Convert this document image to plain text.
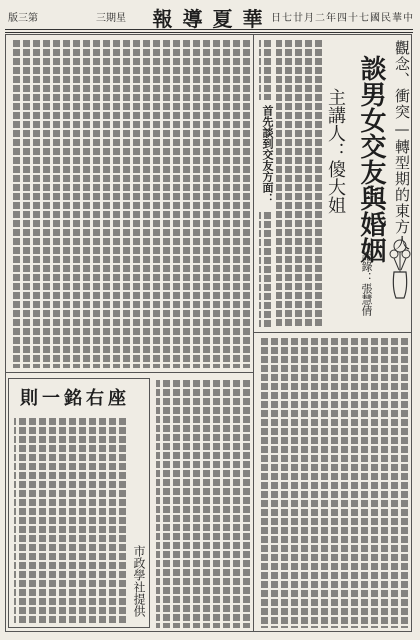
第三版	星期三 華夏導報
中華民國七十四年二月廿七日
觀念、衝突—轉型期的東方人
談男女交友與婚姻
主講人：傻大姐
記錄：張慧倩
首先談到交友方面：
座右銘一則
市政學社提供
